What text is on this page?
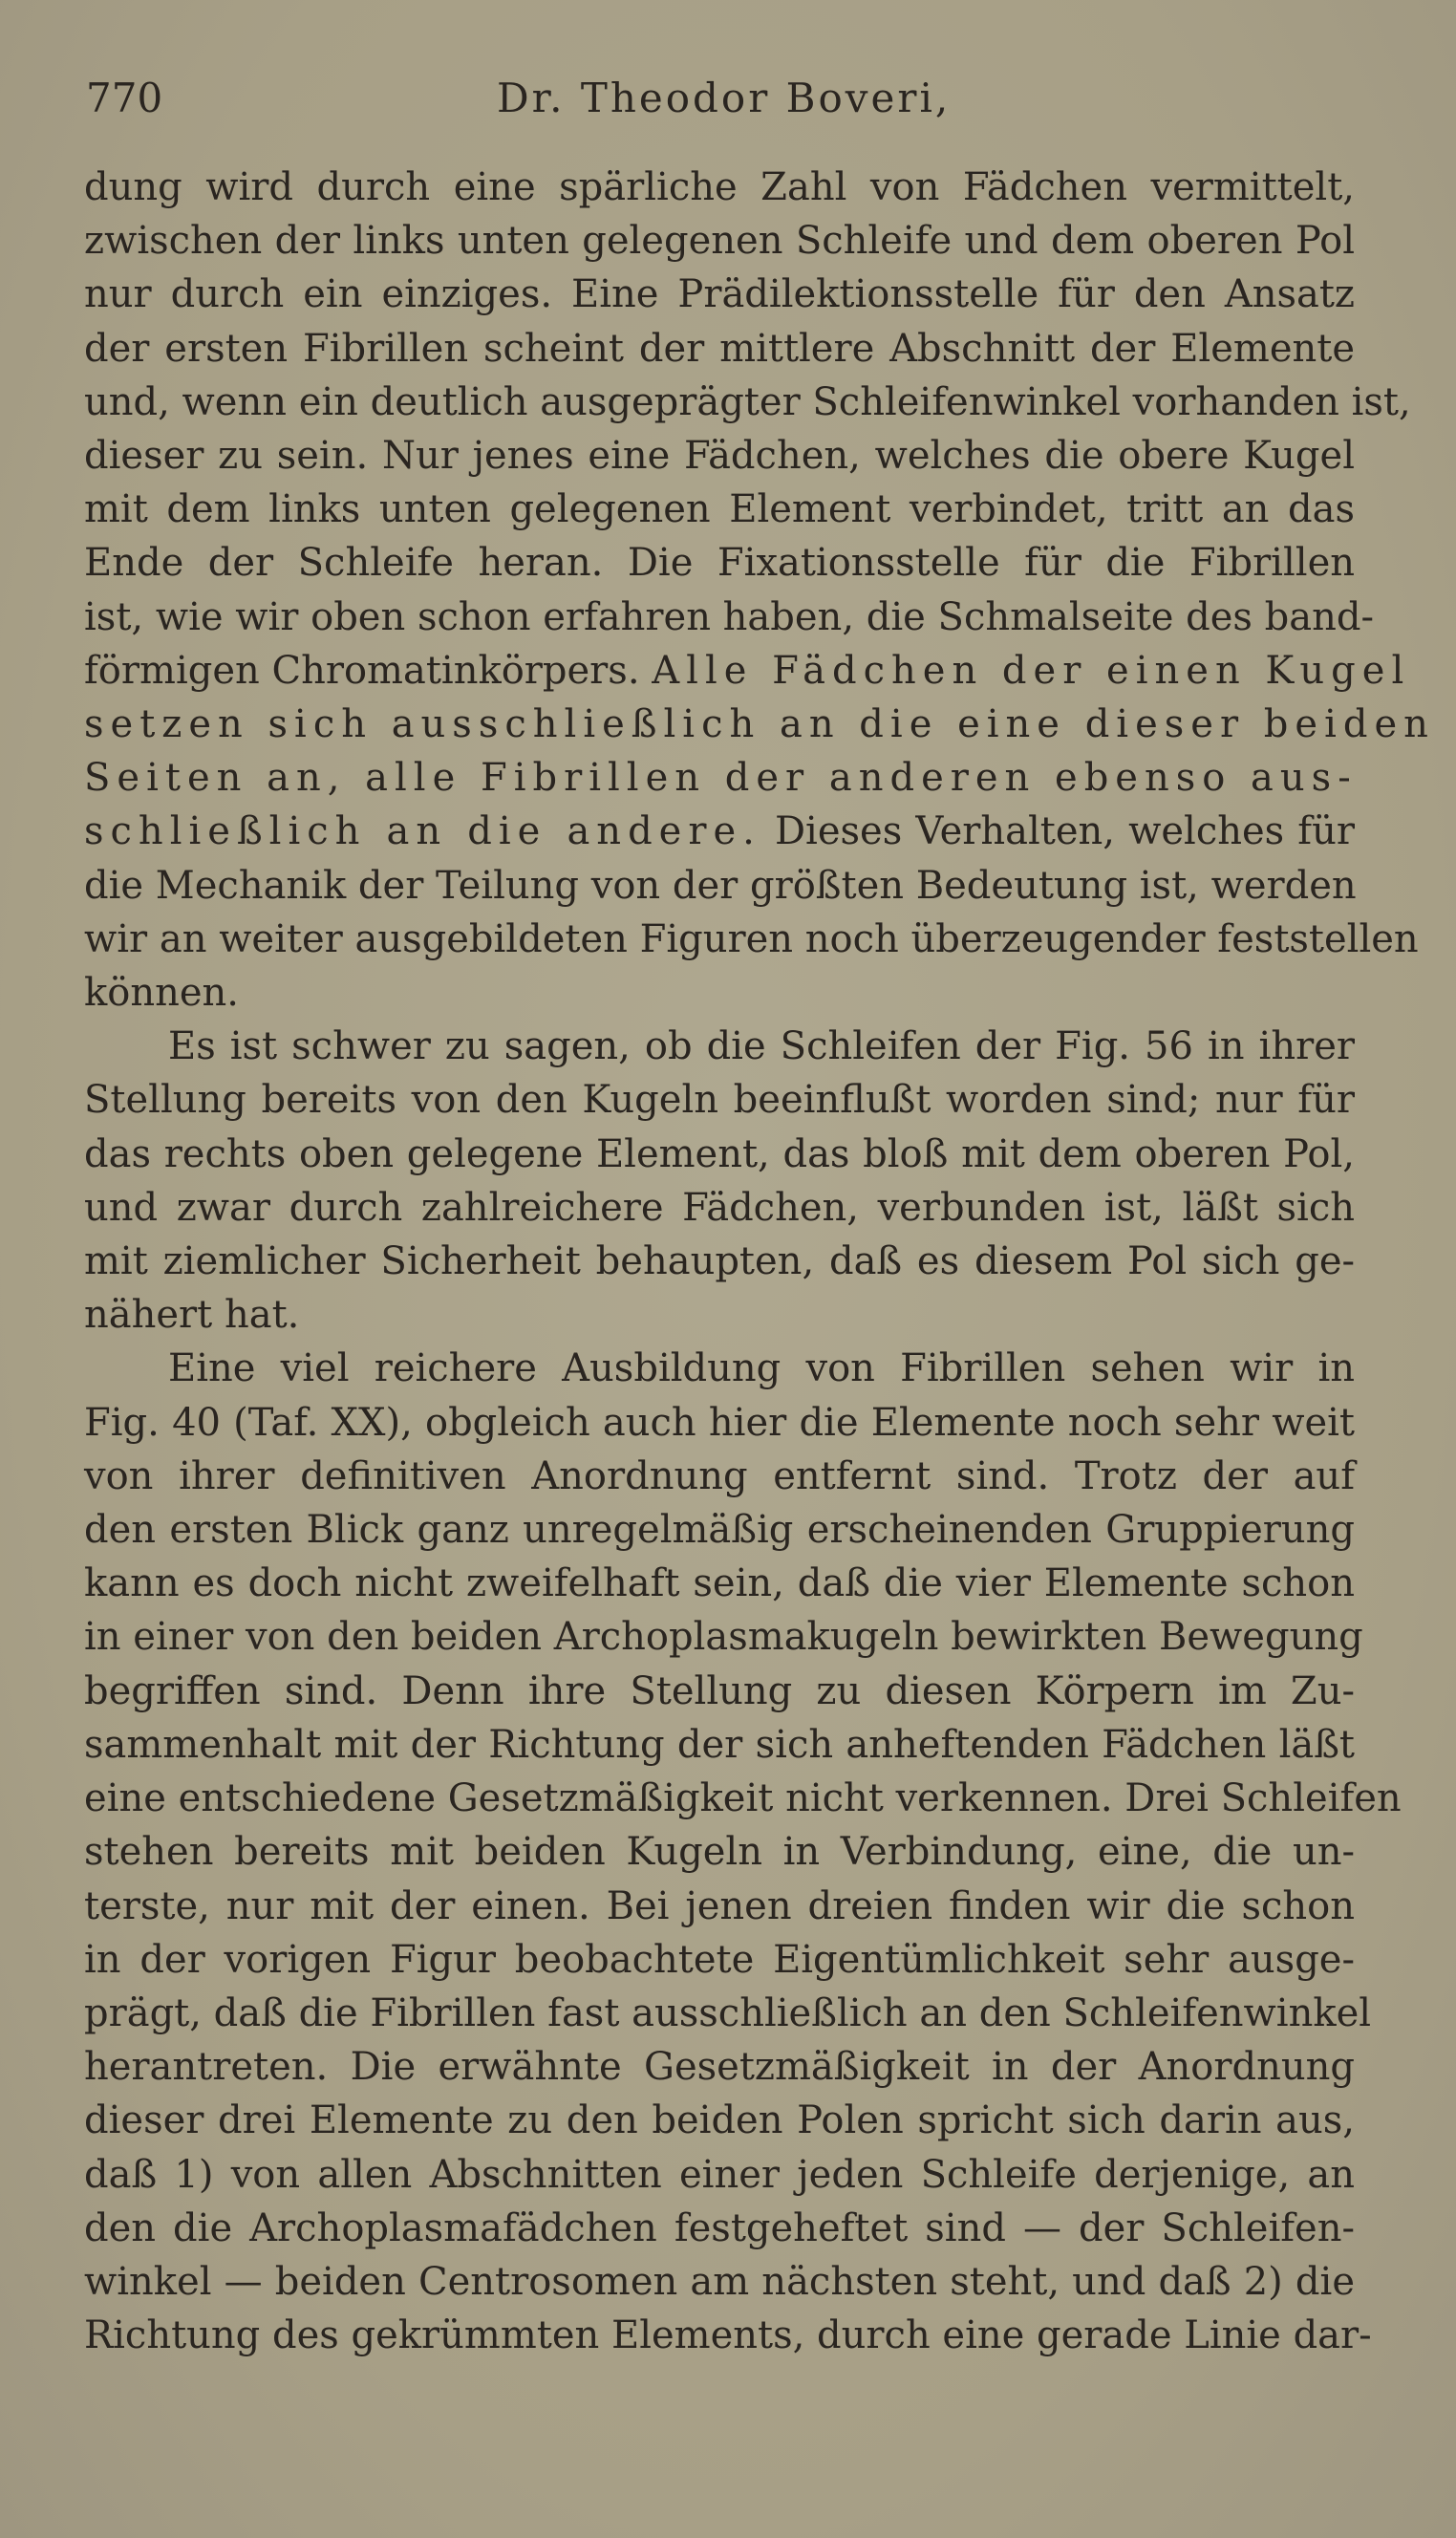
770	Dr. Theodor Boveri,
dung wird durch eine spärliche Zahl von Fädchen vermittelt,
zwischen der links unten gelegenen Schleife und dem oberen Pol
nur durch ein einziges. Eine Prädilektionsstelle für den Ansatz
der ersten Fibrillen scheint der mittlere Abschnitt der Elemente
und, wenn ein deutlich ausgeprägter Schleifenwinkel vorhanden ist,
dieser zu sein. Nur jenes eine Fädchen, welches die obere Kugel
mit dem links unten gelegenen Element verbindet, tritt an das
Ende der Schleife heran. Die Fixationsstelle für die Fibrillen
ist, wie wir oben schon erfahren haben, die Schmalseite des band-
förmigen Chromatinkörpers. Alle Fädchen der einen Kugel
setzen sich ausschließlich an die eine dieser beiden
Seiten an, alle Fibrillen der anderen ebenso aus-
schließlich an die andere. Dieses Verhalten, welches für
die Mechanik der Teilung von der größten Bedeutung ist, werden
wir an weiter ausgebildeten Figuren noch überzeugender feststellen
können.
Es ist schwer zu sagen, ob die Schleifen der Fig. 56 in ihrer
Stellung bereits von den Kugeln beeinflußt worden sind; nur für
das rechts oben gelegene Element, das bloß mit dem oberen Pol,
und zwar durch zahlreichere Fädchen, verbunden ist, läßt sich
mit ziemlicher Sicherheit behaupten, daß es diesem Pol sich ge-
nähert hat.
Eine viel reichere Ausbildung von Fibrillen sehen wir in
Fig. 40 (Taf. XX), obgleich auch hier die Elemente noch sehr weit
von ihrer definitiven Anordnung entfernt sind. Trotz der auf
den ersten Blick ganz unregelmäßig erscheinenden Gruppierung
kann es doch nicht zweifelhaft sein, daß die vier Elemente schon
in einer von den beiden Archoplasmakugeln bewirkten Bewegung
begriffen sind. Denn ihre Stellung zu diesen Körpern im Zu-
sammenhalt mit der Richtung der sich anheftenden Fädchen läßt
eine entschiedene Gesetzmäßigkeit nicht verkennen. Drei Schleifen
stehen bereits mit beiden Kugeln in Verbindung, eine, die un-
terste, nur mit der einen. Bei jenen dreien finden wir die schon
in der vorigen Figur beobachtete Eigentümlichkeit sehr ausge-
prägt, daß die Fibrillen fast ausschließlich an den Schleifenwinkel
herantreten. Die erwähnte Gesetzmäßigkeit in der Anordnung
dieser drei Elemente zu den beiden Polen spricht sich darin aus,
daß 1) von allen Abschnitten einer jeden Schleife derjenige, an
den die Archoplasmafädchen festgeheftet sind — der Schleifen-
winkel — beiden Centrosomen am nächsten steht, und daß 2) die
Richtung des gekrümmten Elements, durch eine gerade Linie dar-
